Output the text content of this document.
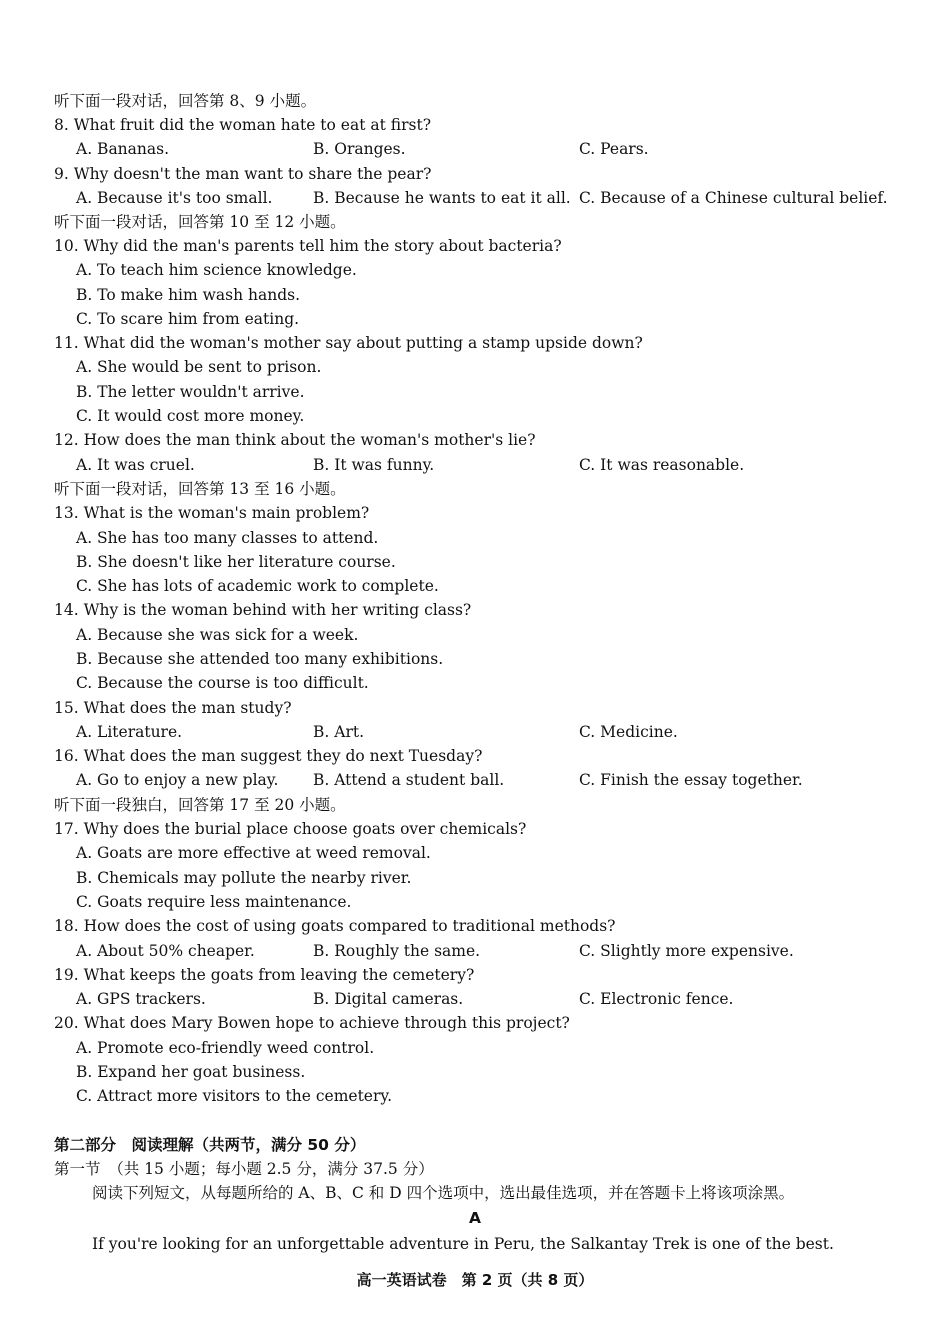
听下面一段对话，回答第 8、9 小题。
8. What fruit did the woman hate to eat at first?
A. Bananas.	B. Oranges.	C. Pears.
9. Why doesn't the man want to share the pear?
A. Because it's too small.	B. Because he wants to eat it all. C. Because of a Chinese cultural belief.
听下面一段对话，回答第 10 至 12 小题。
10. Why did the man's parents tell him the story about bacteria?
A. To teach him science knowledge.
B. To make him wash hands.
C. To scare him from eating.
11. What did the woman's mother say about putting a stamp upside down?
A. She would be sent to prison.
B. The letter wouldn't arrive.
C. It would cost more money.
12. How does the man think about the woman's mother's lie?
A. It was cruel.	B. It was funny.	C. It was reasonable.
听下面一段对话，回答第 13 至 16 小题。
13. What is the woman's main problem?
A. She has too many classes to attend.
B. She doesn't like her literature course.
C. She has lots of academic work to complete.
14. Why is the woman behind with her writing class?
A. Because she was sick for a week.
B. Because she attended too many exhibitions.
C. Because the course is too difficult.
15. What does the man study?
A. Literature.	B. Art.	C. Medicine.
16. What does the man suggest they do next Tuesday?
A. Go to enjoy a new play. B. Attend a student ball.	C. Finish the essay together.
听下面一段独白，回答第 17 至 20 小题。
17. Why does the burial place choose goats over chemicals?
A. Goats are more effective at weed removal.
B. Chemicals may pollute the nearby river.
C. Goats require less maintenance.
18. How does the cost of using goats compared to traditional methods?
A. About 50% cheaper.	B. Roughly the same.	C. Slightly more expensive.
19. What keeps the goats from leaving the cemetery?
A. GPS trackers.	B. Digital cameras.	C. Electronic fence.
20. What does Mary Bowen hope to achieve through this project?
A. Promote eco-friendly weed control.
B. Expand her goat business.
C. Attract more visitors to the cemetery.
第二部分　阅读理解（共两节，满分 50 分）
第一节　（共 15 小题；每小题 2.5 分，满分 37.5 分）
阅读下列短文，从每题所给的 A、B、C 和 D 四个选项中，选出最佳选项，并在答题卡上将该项涂黑。
A
If you're looking for an unforgettable adventure in Peru, the Salkantay Trek is one of the best.
高一英语试卷　第 2 页（共 8 页）
